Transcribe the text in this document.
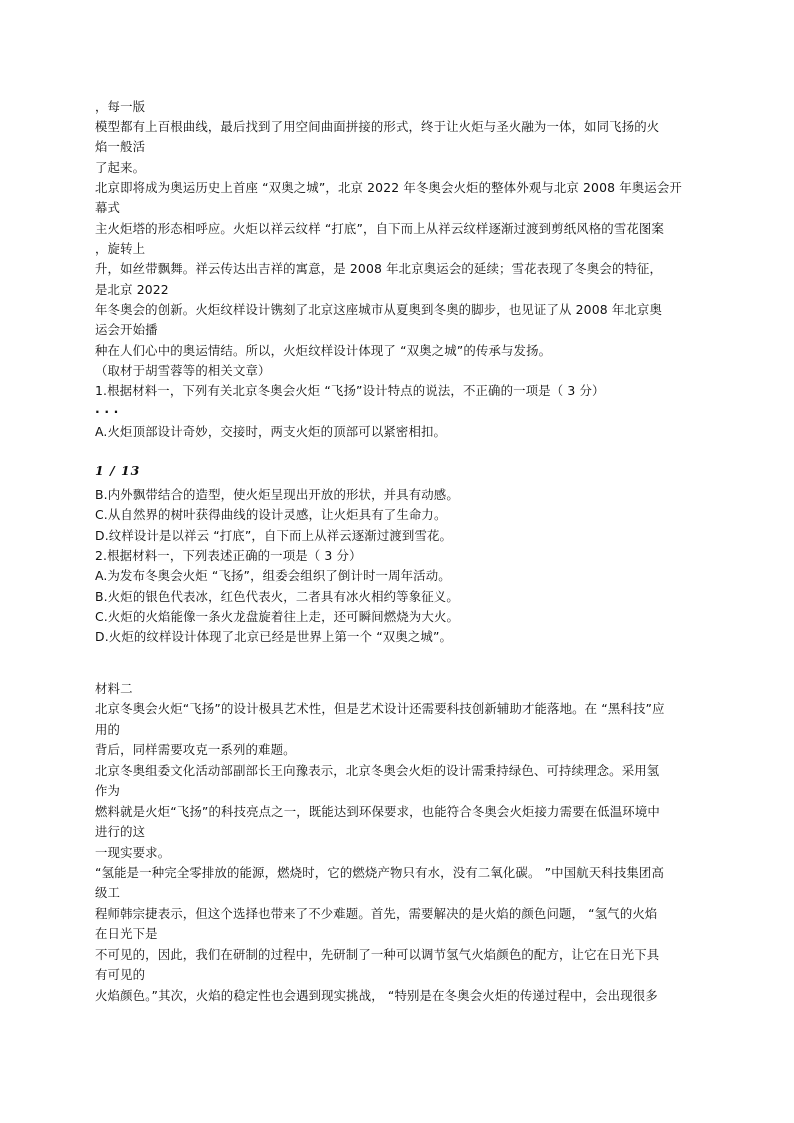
，每一版
模型都有上百根曲线，最后找到了用空间曲面拼接的形式，终于让火炬与圣火融为一体，如同飞扬的火
焰一般活
了起来。
北京即将成为奥运历史上首座 “双奥之城”，北京 2022 年冬奥会火炬的整体外观与北京 2008 年奥运会开
幕式
主火炬塔的形态相呼应。火炬以祥云纹样 “打底”，自下而上从祥云纹样逐渐过渡到剪纸风格的雪花图案
，旋转上
升，如丝带飘舞。祥云传达出吉祥的寓意，是 2008 年北京奥运会的延续；雪花表现了冬奥会的特征，
是北京 2022
年冬奥会的创新。火炬纹样设计镌刻了北京这座城市从夏奥到冬奥的脚步，也见证了从 2008 年北京奥
运会开始播
种在人们心中的奥运情结。所以，火炬纹样设计体现了 “双奥之城”的传承与发扬。
（取材于胡雪蓉等的相关文章）
1.根据材料一，下列有关北京冬奥会火炬 “飞扬”设计特点的说法，不正确的一项是（ 3 分）
· · ·
A.火炬顶部设计奇妙，交接时，两支火炬的顶部可以紧密相扣。
1 / 13
B.内外飘带结合的造型，使火炬呈现出开放的形状，并具有动感。
C.从自然界的树叶获得曲线的设计灵感，让火炬具有了生命力。
D.纹样设计是以祥云 “打底”，自下而上从祥云逐渐过渡到雪花。
2.根据材料一，下列表述正确的一项是（ 3 分）
A.为发布冬奥会火炬 “飞扬”，组委会组织了倒计时一周年活动。
B.火炬的银色代表冰，红色代表火，二者具有冰火相约等象征义。
C.火炬的火焰能像一条火龙盘旋着往上走，还可瞬间燃烧为大火。
D.火炬的纹样设计体现了北京已经是世界上第一个 “双奥之城”。
材料二
北京冬奥会火炬“飞扬”的设计极具艺术性，但是艺术设计还需要科技创新辅助才能落地。在 “黑科技”应
用的
背后，同样需要攻克一系列的难题。
北京冬奥组委文化活动部副部长王向豫表示，北京冬奥会火炬的设计需秉持绿色、可持续理念。采用氢
作为
燃料就是火炬“飞扬”的科技亮点之一，既能达到环保要求，也能符合冬奥会火炬接力需要在低温环境中
进行的这
一现实要求。
“氢能是一种完全零排放的能源，燃烧时，它的燃烧产物只有水，没有二氧化碳。 ”中国航天科技集团高
级工
程师韩宗捷表示，但这个选择也带来了不少难题。首先，需要解决的是火焰的颜色问题， “氢气的火焰
在日光下是
不可见的，因此，我们在研制的过程中，先研制了一种可以调节氢气火焰颜色的配方，让它在日光下具
有可见的
火焰颜色。”其次，火焰的稳定性也会遇到现实挑战， “特别是在冬奥会火炬的传递过程中，会出现很多
